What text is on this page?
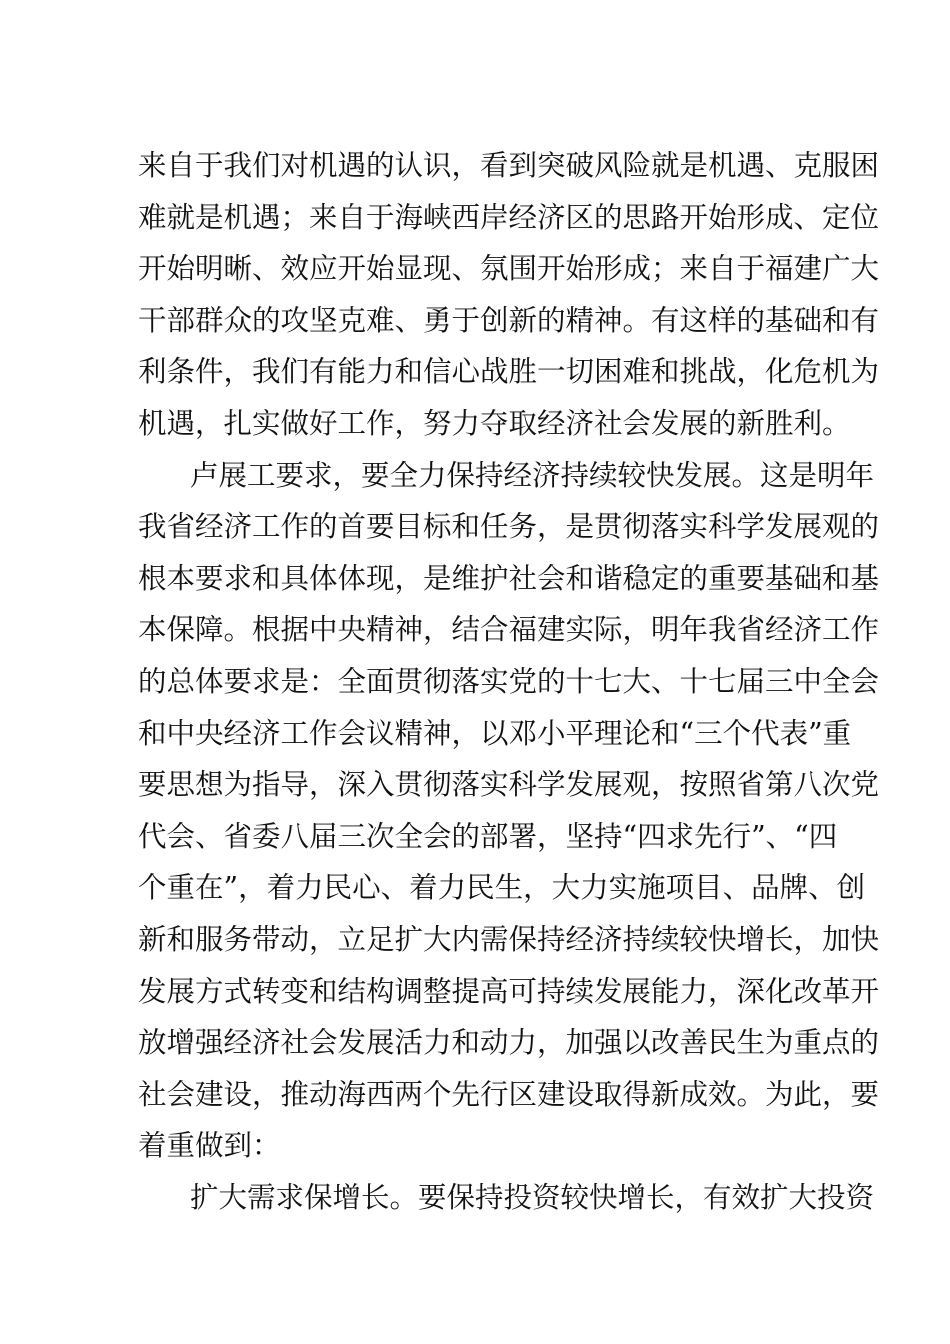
来自于我们对机遇的认识，看到突破风险就是机遇、克服困
难就是机遇；来自于海峡西岸经济区的思路开始形成、定位
开始明晰、效应开始显现、氛围开始形成；来自于福建广大
干部群众的攻坚克难、勇于创新的精神。有这样的基础和有
利条件，我们有能力和信心战胜一切困难和挑战，化危机为
机遇，扎实做好工作，努力夺取经济社会发展的新胜利。
卢展工要求，要全力保持经济持续较快发展。这是明年
我省经济工作的首要目标和任务，是贯彻落实科学发展观的
根本要求和具体体现，是维护社会和谐稳定的重要基础和基
本保障。根据中央精神，结合福建实际，明年我省经济工作
的总体要求是：全面贯彻落实党的十七大、十七届三中全会
和中央经济工作会议精神，以邓小平理论和“三个代表”重
要思想为指导，深入贯彻落实科学发展观，按照省第八次党
代会、省委八届三次全会的部署，坚持“四求先行”、“四
个重在”，着力民心、着力民生，大力实施项目、品牌、创
新和服务带动，立足扩大内需保持经济持续较快增长，加快
发展方式转变和结构调整提高可持续发展能力，深化改革开
放增强经济社会发展活力和动力，加强以改善民生为重点的
社会建设，推动海西两个先行区建设取得新成效。为此，要
着重做到：
扩大需求保增长。要保持投资较快增长，有效扩大投资
